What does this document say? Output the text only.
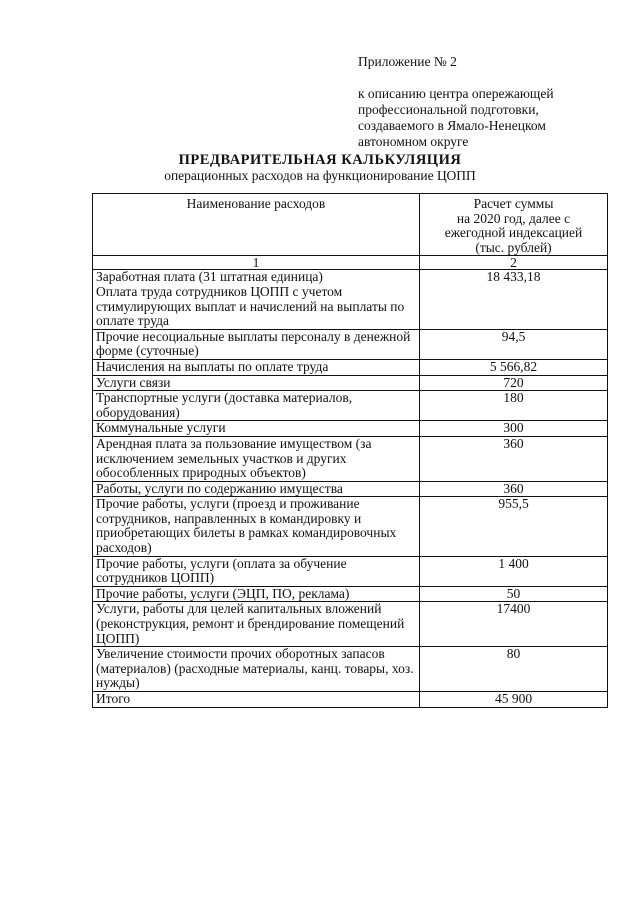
Приложение № 2
к описанию центра опережающей
профессиональной подготовки,
создаваемого в Ямало-Ненецком
автономном округе
ПРЕДВАРИТЕЛЬНАЯ КАЛЬКУЛЯЦИЯ
операционных расходов на функционирование ЦОПП
Наименование расходов	Расчет суммы
на 2020 год, далее с
ежегодной индексацией
(тыс. рублей)

1	2
Заработная плата (31 штатная единица)
Оплата труда сотрудников ЦОПП с учетом стимулирующих выплат и начислений на выплаты по оплате труда	18 433,18
Прочие несоциальные выплаты персоналу в денежной форме (суточные)	94,5
Начисления на выплаты по оплате труда	5 566,82
Услуги связи	720
Транспортные услуги (доставка материалов, оборудования)	180
Коммунальные услуги	300
Арендная плата за пользование имуществом (за исключением земельных участков и других обособленных природных объектов)	360
Работы, услуги по содержанию имущества	360
Прочие работы, услуги (проезд и проживание сотрудников, направленных в командировку и приобретающих билеты в рамках командировочных расходов)	955,5
Прочие работы, услуги (оплата за обучение сотрудников ЦОПП)	1 400
Прочие работы, услуги (ЭЦП, ПО, реклама)	50
Услуги, работы для целей капитальных вложений (реконструкция, ремонт и брендирование помещений ЦОПП)	17400
Увеличение стоимости прочих оборотных запасов (материалов) (расходные материалы, канц. товары, хоз. нужды)	80
Итого	45 900
